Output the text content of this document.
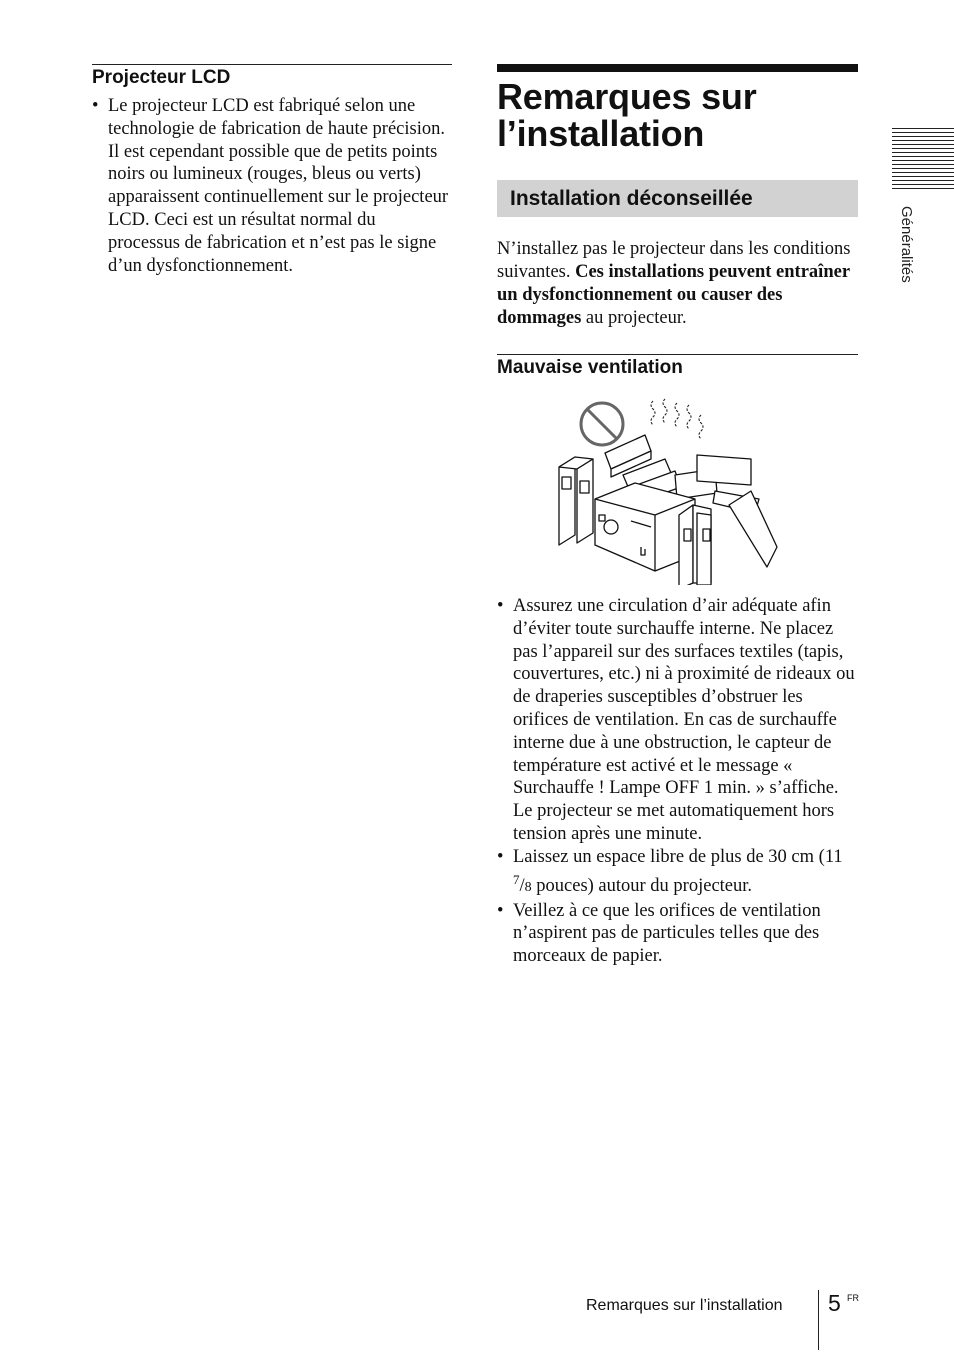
Projecteur LCD
• Le projecteur LCD est fabriqué selon une technologie de fabrication de haute précision. Il est cependant possible que de petits points noirs ou lumineux (rouges, bleus ou verts) apparaissent continuellement sur le projecteur LCD. Ceci est un résultat normal du processus de fabrication et n’est pas le signe d’un dysfonctionnement.
Remarques sur
l’installation
Installation déconseillée

N’installez pas le projecteur dans les conditions suivantes. Ces installations peuvent entraîner un dysfonctionnement ou causer des dommages au projecteur.

Mauvaise ventilation
• Assurez une circulation d’air adéquate afin d’éviter toute surchauffe interne. Ne placez pas l’appareil sur des surfaces textiles (tapis, couvertures, etc.) ni à proximité de rideaux ou de draperies susceptibles d’obstruer les orifices de ventilation. En cas de surchauffe interne due à une obstruction, le capteur de température est activé et le message « Surchauffe ! Lampe OFF 1 min. » s’affiche. Le projecteur se met automatiquement hors tension après une minute.
• Laissez un espace libre de plus de 30 cm (11 $^7$/8 pouces) autour du projecteur.
• Veillez à ce que les orifices de ventilation n’aspirent pas de particules telles que des morceaux de papier.
Généralités
Remarques sur l’installation 5 FR
